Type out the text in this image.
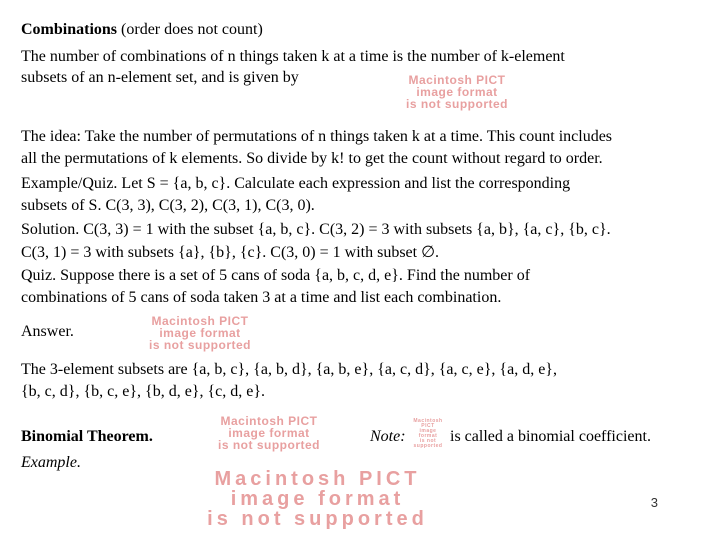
Combinations (order does not count)
The number of combinations of n things taken k at a time is the number of k-element
subsets of an n-element set, and is given by	Macintosh PICT
image format
is not supported
The idea: Take the number of permutations of n things taken k at a time. This count includes
all the permutations of k elements. So divide by k! to get the count without regard to order.
Example/Quiz. Let S = {a, b, c}. Calculate each expression and list the corresponding
subsets of S. C(3, 3), C(3, 2), C(3, 1), C(3, 0).
Solution. C(3, 3) = 1 with the subset {a, b, c}. C(3, 2) = 3 with subsets {a, b}, {a, c}, {b, c}.
C(3, 1) = 3 with subsets {a}, {b}, {c}. C(3, 0) = 1 with subset ∅.
Quiz. Suppose there is a set of 5 cans of soda {a, b, c, d, e}. Find the number of
combinations of 5 cans of soda taken 3 at a time and list each combination.
Answer.
Macintosh PICT
image format
is not supported
The 3-element subsets are {a, b, c}, {a, b, d}, {a, b, e}, {a, c, d}, {a, c, e}, {a, d, e},
{b, c, d}, {b, c, e}, {b, d, e}, {c, d, e}.
Binomial Theorem.
Macintosh PICT
image format
is not supported	Note:
Macintosh PICT
image format
is not supported
is called a binomial coefficient.
Example.
Macintosh PICT
image format
is not supported
3
